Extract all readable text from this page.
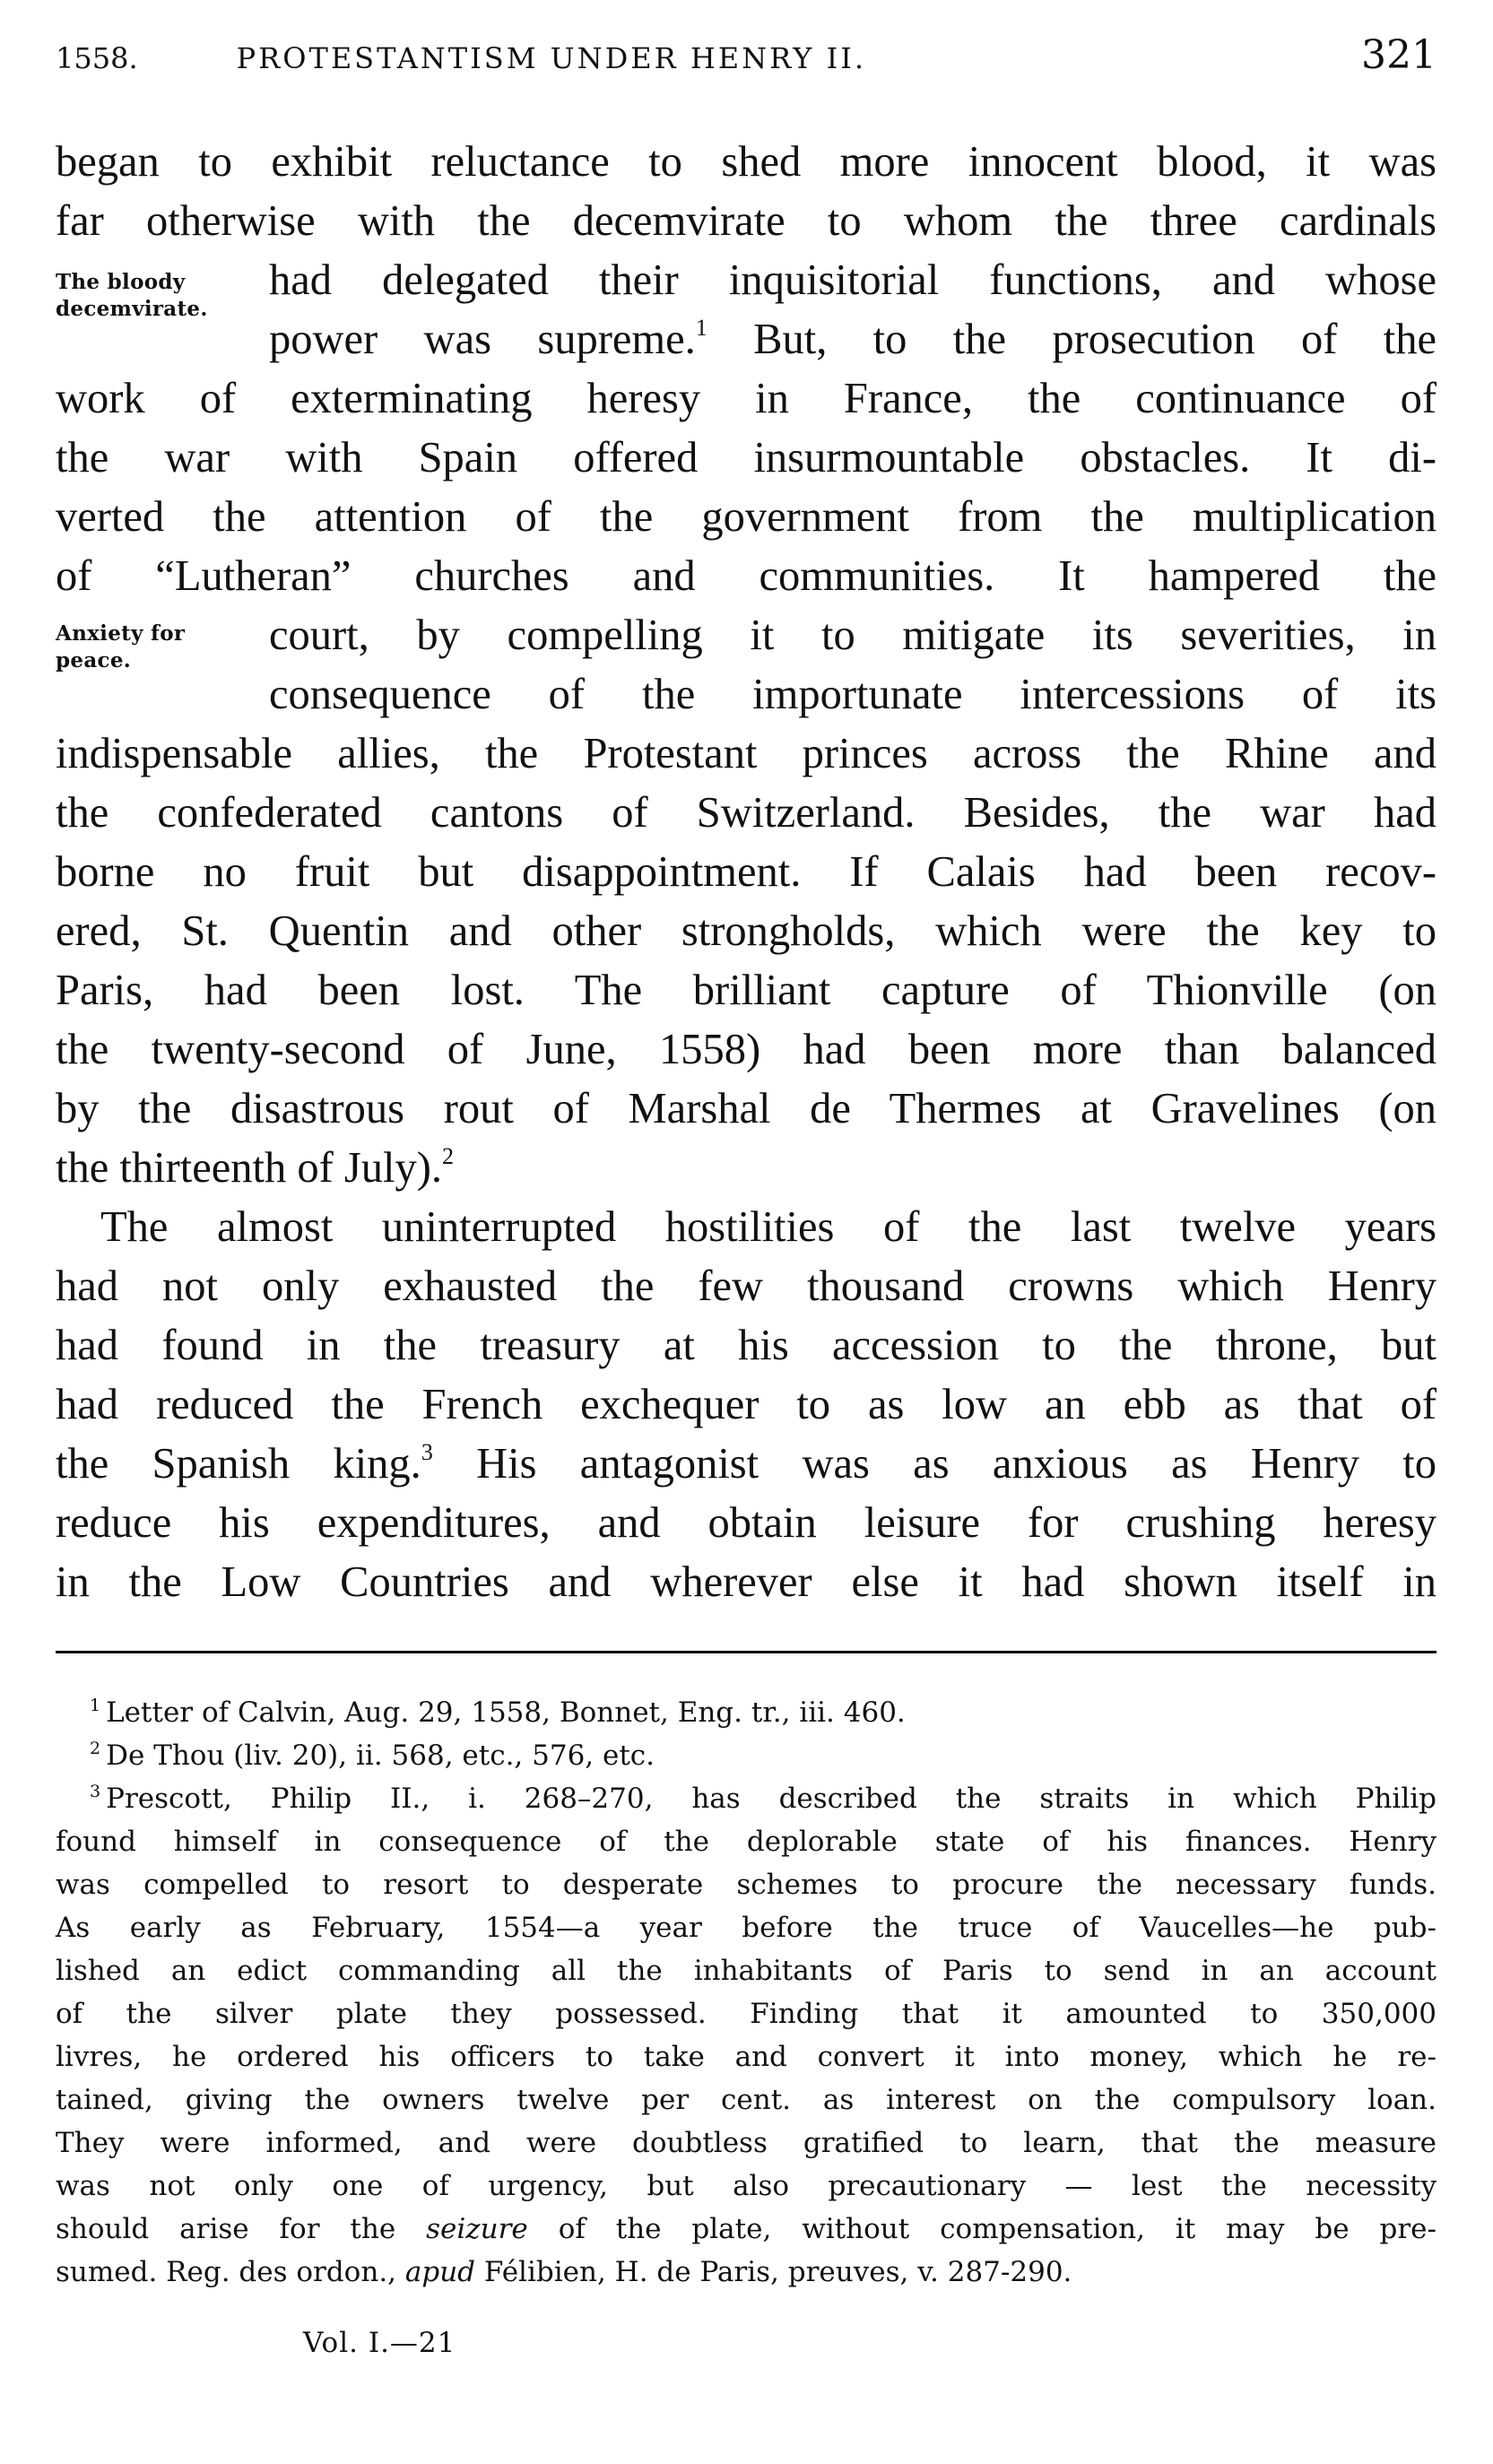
1558.	PROTESTANTISM UNDER HENRY II.	321
The bloody decemvirate.
Anxiety for peace.
began to exhibit reluctance to shed more innocent blood, it was
far otherwise with the decemvirate to whom the three cardinals
had delegated their inquisitorial functions, and whose
power was supreme.$^1$ But, to the prosecution of the
work of exterminating heresy in France, the continuance of
the war with Spain offered insurmountable obstacles. It di-
verted the attention of the government from the multiplication
of “Lutheran” churches and communities. It hampered the
court, by compelling it to mitigate its severities, in
consequence of the importunate intercessions of its
indispensable allies, the Protestant princes across the Rhine and
the confederated cantons of Switzerland. Besides, the war had
borne no fruit but disappointment. If Calais had been recov-
ered, St. Quentin and other strongholds, which were the key to
Paris, had been lost. The brilliant capture of Thionville (on
the twenty-second of June, 1558) had been more than balanced
by the disastrous rout of Marshal de Thermes at Gravelines (on
the thirteenth of July).$^2$
The almost uninterrupted hostilities of the last twelve years
had not only exhausted the few thousand crowns which Henry
had found in the treasury at his accession to the throne, but
had reduced the French exchequer to as low an ebb as that of
the Spanish king.$^3$ His antagonist was as anxious as Henry to
reduce his expenditures, and obtain leisure for crushing heresy
in the Low Countries and wherever else it had shown itself in
$^1$ Letter of Calvin, Aug. 29, 1558, Bonnet, Eng. tr., iii. 460.
$^2$ De Thou (liv. 20), ii. 568, etc., 576, etc.
$^3$ Prescott, Philip II., i. 268–270, has described the straits in which Philip
found himself in consequence of the deplorable state of his finances. Henry
was compelled to resort to desperate schemes to procure the necessary funds.
As early as February, 1554—a year before the truce of Vaucelles—he pub-
lished an edict commanding all the inhabitants of Paris to send in an account
of the silver plate they possessed. Finding that it amounted to 350,000
livres, he ordered his officers to take and convert it into money, which he re-
tained, giving the owners twelve per cent. as interest on the compulsory loan.
They were informed, and were doubtless gratified to learn, that the measure
was not only one of urgency, but also precautionary — lest the necessity
should arise for the seizure of the plate, without compensation, it may be pre-
sumed. Reg. des ordon., apud Félibien, H. de Paris, preuves, v. 287-290.
Vol. I.—21
